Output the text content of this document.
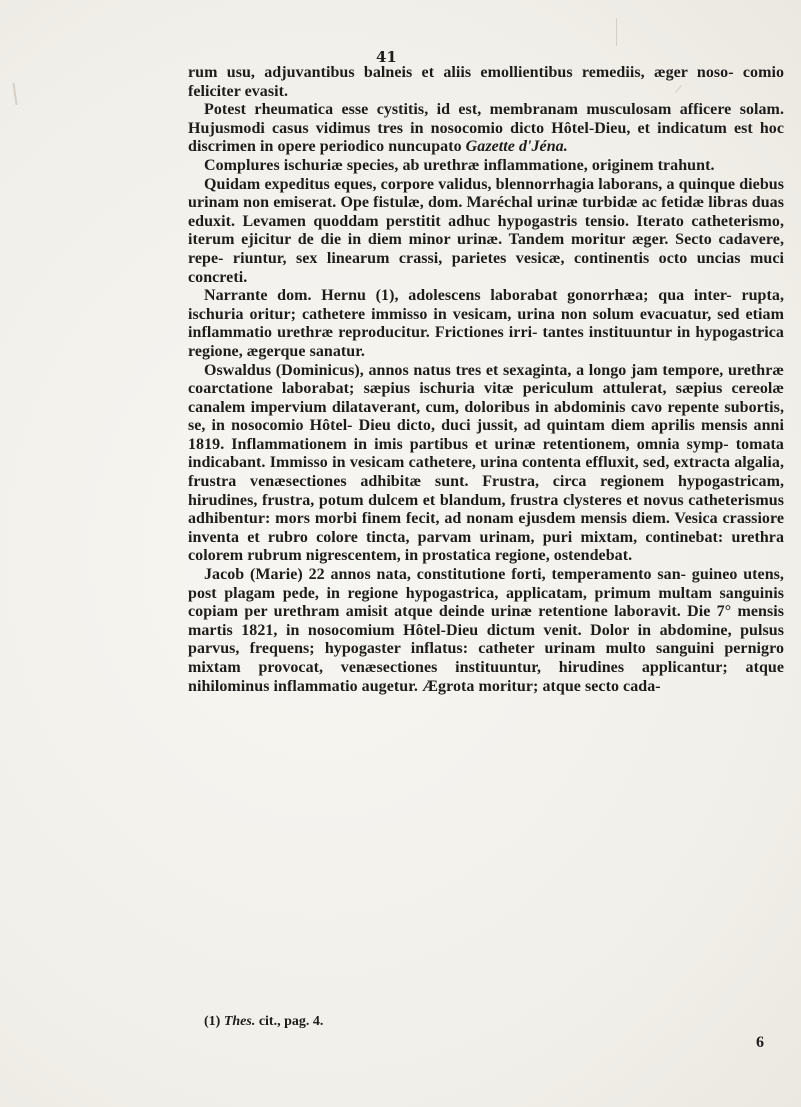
41

rum usu, adjuvantibus balneis et aliis emollientibus remediis, æger noso- comio feliciter evasit.

Potest rheumatica esse cystitis, id est, membranam musculosam afficere solam. Hujusmodi casus vidimus tres in nosocomio dicto Hôtel-Dieu, et indicatum est hoc discrimen in opere periodico nuncupato Gazette d'Jéna.

Complures ischuriæ species, ab urethræ inflammatione, originem trahunt.

Quidam expeditus eques, corpore validus, blennorrhagia laborans, a quinque diebus urinam non emiserat. Ope fistulæ, dom. Maréchal urinæ turbidæ ac fetidæ libras duas eduxit. Levamen quoddam perstitit adhuc hypogastris tensio. Iterato catheterismo, iterum ejicitur de die in diem minor urinæ. Tandem moritur æger. Secto cadavere, repe- riuntur, sex linearum crassi, parietes vesicæ, continentis octo uncias muci concreti.

Narrante dom. Hernu (1), adolescens laborabat gonorrhæa; qua inter- rupta, ischuria oritur; cathetere immisso in vesicam, urina non solum evacuatur, sed etiam inflammatio urethræ reproducitur. Frictiones irri- tantes instituuntur in hypogastrica regione, ægerque sanatur.

Oswaldus (Dominicus), annos natus tres et sexaginta, a longo jam tempore, urethræ coarctatione laborabat; sæpius ischuria vitæ periculum attulerat, sæpius cereolæ canalem impervium dilataverant, cum, doloribus in abdominis cavo repente subortis, se, in nosocomio Hôtel- Dieu dicto, duci jussit, ad quintam diem aprilis mensis anni 1819. Inflammationem in imis partibus et urinæ retentionem, omnia symp- tomata indicabant. Immisso in vesicam cathetere, urina contenta effluxit, sed, extracta algalia, frustra venæsectiones adhibitæ sunt. Frustra, circa regionem hypogastricam, hirudines, frustra, potum dulcem et blandum, frustra clysteres et novus catheterismus adhibentur: mors morbi finem fecit, ad nonam ejusdem mensis diem. Vesica crassiore inventa et rubro colore tincta, parvam urinam, puri mixtam, continebat: urethra colorem rubrum nigrescentem, in prostatica regione, ostendebat.

Jacob (Marie) 22 annos nata, constitutione forti, temperamento san- guineo utens, post plagam pede, in regione hypogastrica, applicatam, primum multam sanguinis copiam per urethram amisit atque deinde urinæ retentione laboravit. Die 7° mensis martis 1821, in nosocomium Hôtel-Dieu dictum venit. Dolor in abdomine, pulsus parvus, frequens; hypogaster inflatus: catheter urinam multo sanguini pernigro mixtam provocat, venæsectiones instituuntur, hirudines applicantur; atque nihilominus inflammatio augetur. Ægrota moritur; atque secto cada-

(1) Thes. cit., pag. 4.
6
